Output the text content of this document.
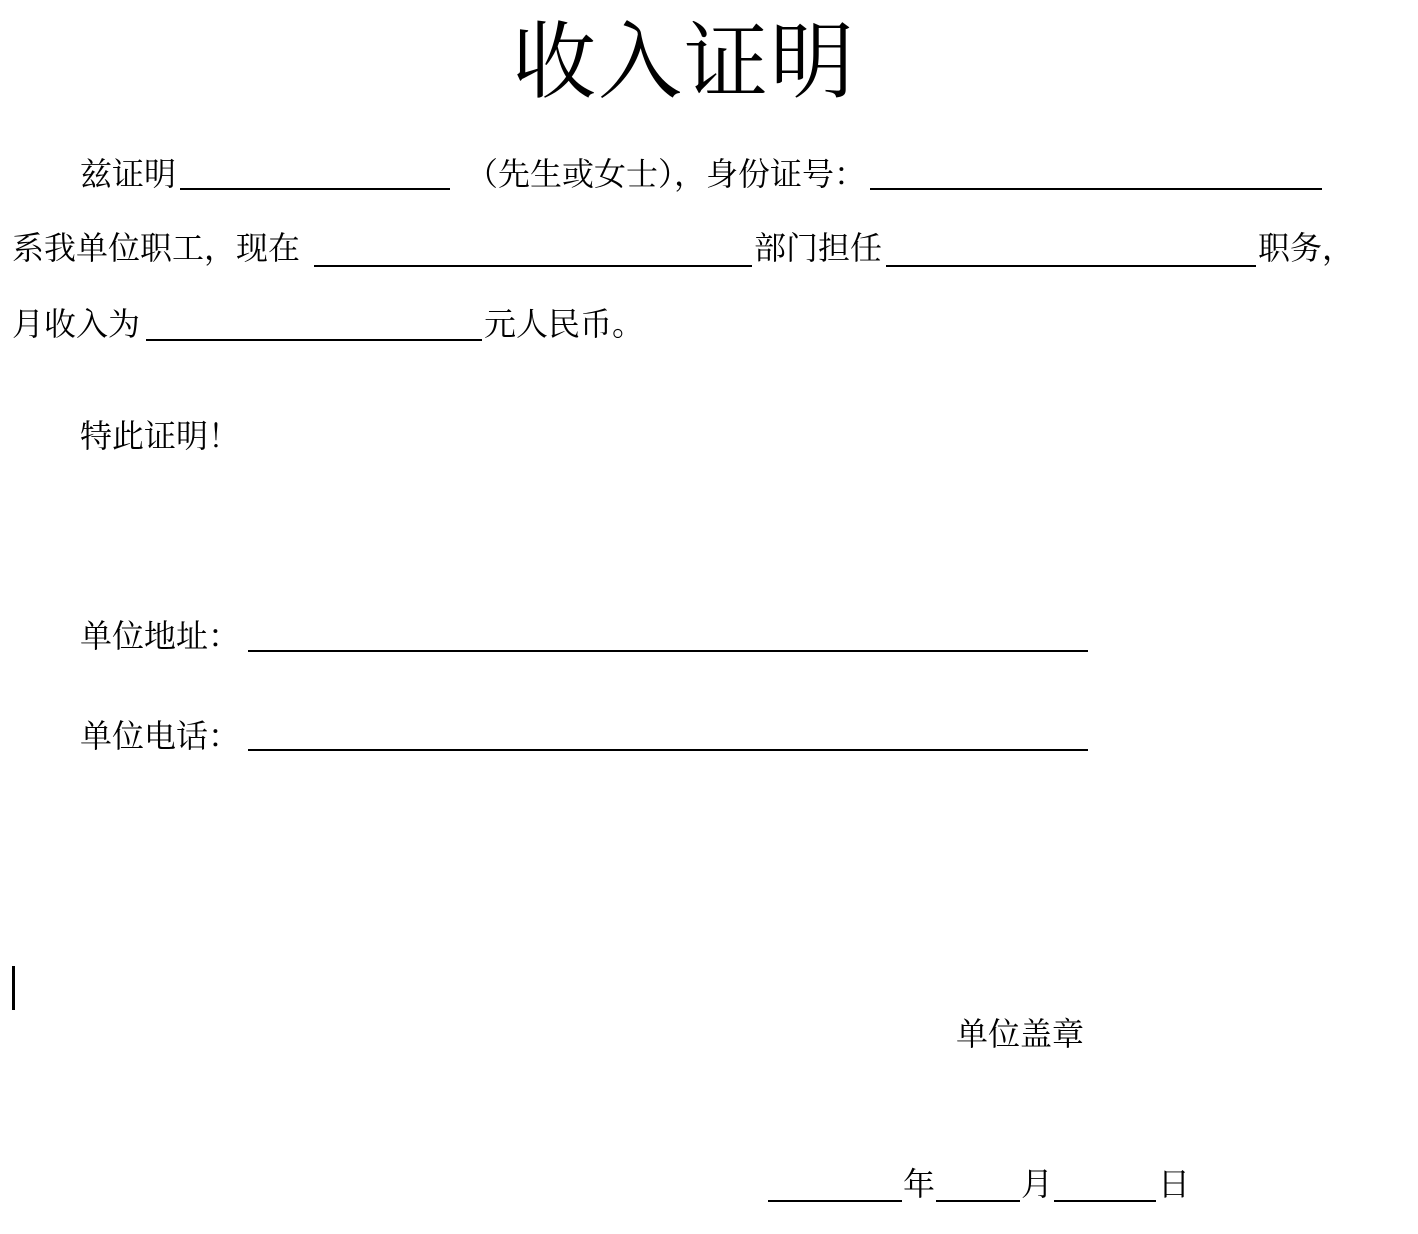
收入证明
兹证明	（先生或女士），身份证号：
系我单位职工，现在	部门担任	职务，
月收入为	元人民币。
特此证明！
单位地址：
单位电话：
单位盖章
年	月	日
